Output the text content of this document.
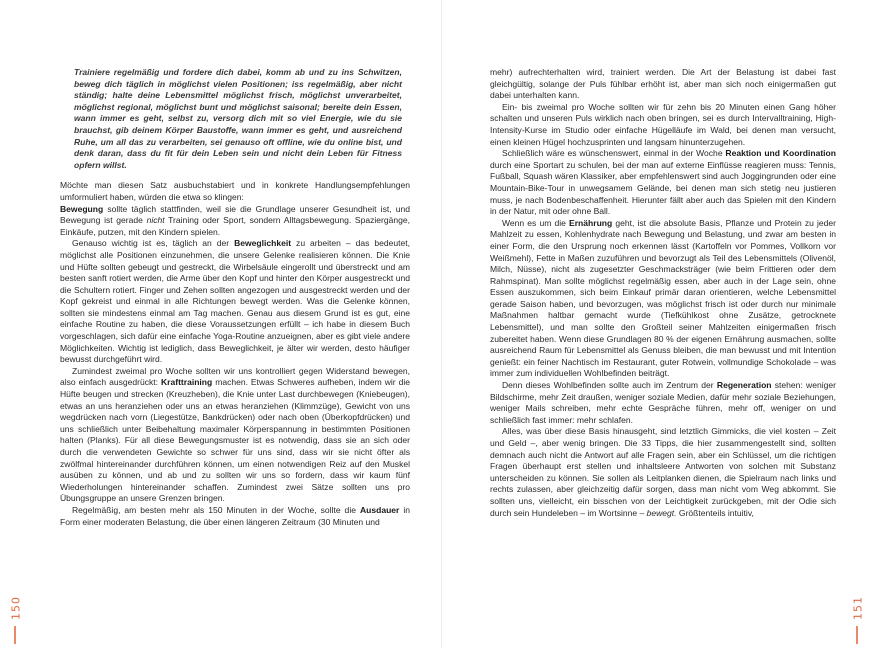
Trainiere regelmäßig und fordere dich dabei, komm ab und zu ins Schwitzen, beweg dich täglich in möglichst vielen Positionen; iss regelmäßig, aber nicht ständig; halte deine Lebensmittel möglichst frisch, möglichst unverarbeitet, möglichst regional, möglichst bunt und möglichst saisonal; bereite dein Essen, wann immer es geht, selbst zu, versorg dich mit so viel Energie, wie du sie brauchst, gib deinem Körper Baustoffe, wann immer es geht, und ausreichend Ruhe, um all das zu verarbeiten, sei genauso oft offline, wie du online bist, und denk daran, dass du fit für dein Leben sein und nicht dein Leben für Fitness opfern willst.

Möchte man diesen Satz ausbuchstabiert und in konkrete Handlungsempfehlungen umformuliert haben, würden die etwa so klingen:

Bewegung sollte täglich stattfinden, weil sie die Grundlage unserer Gesundheit ist, und Bewegung ist gerade nicht Training oder Sport, sondern Alltagsbewegung. Spaziergänge, Einkäufe, putzen, mit den Kindern spielen.

Genauso wichtig ist es, täglich an der Beweglichkeit zu arbeiten – das bedeutet, möglichst alle Positionen einzunehmen, die unsere Gelenke realisieren können. Die Knie und Hüfte sollten gebeugt und gestreckt, die Wirbelsäule eingerollt und überstreckt und am besten sanft rotiert werden, die Arme über den Kopf und hinter den Körper ausgestreckt und die Schultern rotiert. Finger und Zehen sollten angezogen und ausgestreckt werden und der Kopf gekreist und einmal in alle Richtungen bewegt werden. Was die Gelenke können, sollten sie mindestens einmal am Tag machen. Genau aus diesem Grund ist es gut, eine einfache Routine zu haben, die diese Voraussetzungen erfüllt – ich habe in diesem Buch vorgeschlagen, sich dafür eine einfache Yoga-Routine anzueignen, aber es gibt viele andere Möglichkeiten. Wichtig ist lediglich, dass Beweglichkeit, je älter wir werden, desto häufiger bewusst durchgeführt wird.

Zumindest zweimal pro Woche sollten wir uns kontrolliert gegen Widerstand bewegen, also einfach ausgedrückt: Krafttraining machen. Etwas Schweres aufheben, indem wir die Hüfte beugen und strecken (Kreuzheben), die Knie unter Last durchbewegen (Kniebeugen), etwas an uns heranziehen oder uns an etwas heranziehen (Klimmzüge), Gewicht von uns wegdrücken nach vorn (Liegestütze, Bankdrücken) oder nach oben (Überkopfdrücken) und uns schließlich unter Beibehaltung maximaler Körperspannung in bestimmten Positionen halten (Planks). Für all diese Bewegungsmuster ist es notwendig, dass sie an sich oder durch die verwendeten Gewichte so schwer für uns sind, dass wir sie nicht öfter als zwölfmal hintereinander durchführen können, um einen notwendigen Reiz auf den Muskel ausüben zu können, und ab und zu sollten wir uns so fordern, dass wir kaum fünf Wiederholungen hintereinander schaffen. Zumindest zwei Sätze sollten uns pro Übungsgruppe an unsere Grenzen bringen.

Regelmäßig, am besten mehr als 150 Minuten in der Woche, sollte die Ausdauer in Form einer moderaten Belastung, die über einen längeren Zeitraum (30 Minuten und

150

mehr) aufrechterhalten wird, trainiert werden. Die Art der Belastung ist dabei fast gleichgültig, solange der Puls fühlbar erhöht ist, aber man sich noch einigermaßen gut dabei unterhalten kann.

Ein- bis zweimal pro Woche sollten wir für zehn bis 20 Minuten einen Gang höher schalten und unseren Puls wirklich nach oben bringen, sei es durch Intervalltraining, High-Intensity-Kurse im Studio oder einfache Hügelläufe im Wald, bei denen man versucht, einen kleinen Hügel hochzusprinten und langsam hinunterzugehen.

Schließlich wäre es wünschenswert, einmal in der Woche Reaktion und Koordination durch eine Sportart zu schulen, bei der man auf externe Einflüsse reagieren muss: Tennis, Fußball, Squash wären Klassiker, aber empfehlenswert sind auch Joggingrunden oder eine Mountain-Bike-Tour in unwegsamem Gelände, bei denen man sich stetig neu justieren muss, je nach Bodenbeschaffenheit. Hierunter fällt aber auch das Spielen mit den Kindern in der Natur, mit oder ohne Ball.

Wenn es um die Ernährung geht, ist die absolute Basis, Pflanze und Protein zu jeder Mahlzeit zu essen, Kohlenhydrate nach Bewegung und Belastung, und zwar am besten in einer Form, die den Ursprung noch erkennen lässt (Kartoffeln vor Pommes, Vollkorn vor Weißmehl), Fette in Maßen zuzuführen und bevorzugt als Teil des Lebensmittels (Olivenöl, Milch, Nüsse), nicht als zugesetzter Geschmacksträger (wie beim Frittieren oder dem Rahmspinat). Man sollte möglichst regelmäßig essen, aber auch in der Lage sein, ohne Essen auszukommen, sich beim Einkauf primär daran orientieren, welche Lebensmittel gerade Saison haben, und bevorzugen, was möglichst frisch ist oder durch nur minimale Maßnahmen haltbar gemacht wurde (Tiefkühlkost ohne Zusätze, getrocknete Lebensmittel), und man sollte den Großteil seiner Mahlzeiten einigermaßen frisch zubereitet haben. Wenn diese Grundlagen 80 % der eigenen Ernährung ausmachen, sollte ausreichend Raum für Lebensmittel als Genuss bleiben, die man bewusst und mit Intention genießt: ein feiner Nachtisch im Restaurant, guter Rotwein, vollmundige Schokolade – was immer zum individuellen Wohlbefinden beiträgt.

Denn dieses Wohlbefinden sollte auch im Zentrum der Regeneration stehen: weniger Bildschirme, mehr Zeit draußen, weniger soziale Medien, dafür mehr soziale Beziehungen, weniger Mails schreiben, mehr echte Gespräche führen, mehr off, weniger on und schließlich fast immer: mehr schlafen.

Alles, was über diese Basis hinausgeht, sind letztlich Gimmicks, die viel kosten – Zeit und Geld –, aber wenig bringen. Die 33 Tipps, die hier zusammengestellt sind, sollten demnach auch nicht die Antwort auf alle Fragen sein, aber ein Schlüssel, um die richtigen Fragen überhaupt erst stellen und inhaltsleere Antworten von solchen mit Substanz unterscheiden zu können. Sie sollen als Leitplanken dienen, die Spielraum nach links und rechts zulassen, aber gleichzeitig dafür sorgen, dass man nicht vom Weg abkommt. Sie sollten uns, vielleicht, ein bisschen von der Leichtigkeit zurückgeben, mit der Odie sich durch sein Hundeleben – im Wortsinne – bewegt. Größtenteils intuitiv,

151
